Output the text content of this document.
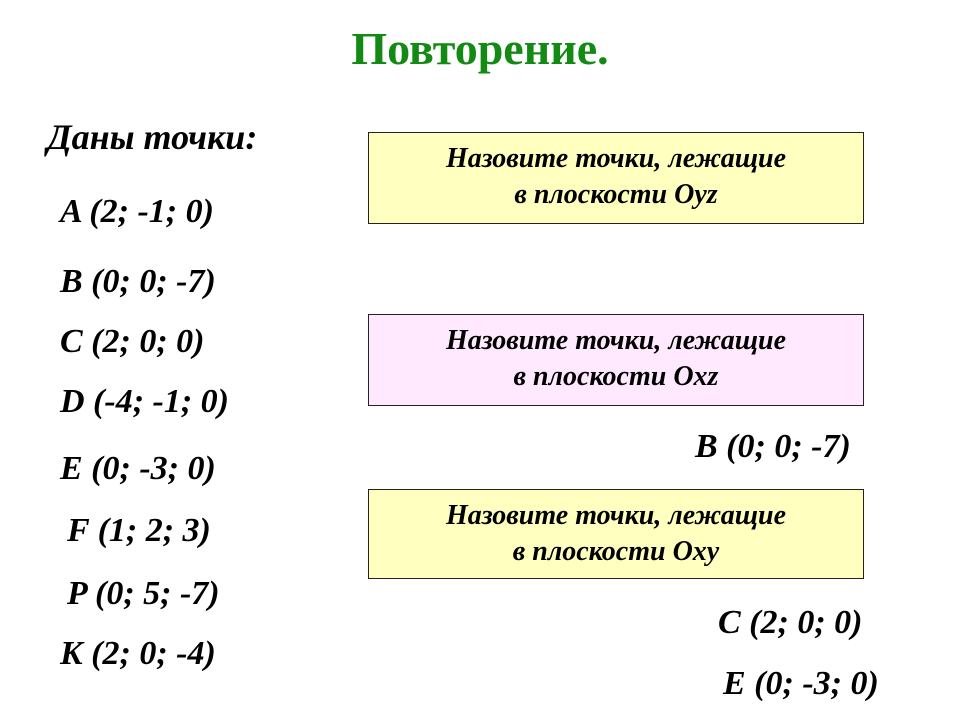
Повторение.
Даны точки:
A (2; -1; 0)
B (0; 0; -7)
C (2; 0; 0)
D (-4; -1; 0)
E (0; -3; 0)
F (1; 2; 3)
P (0; 5; -7)
K (2; 0; -4)
Назовите точки, лежащие
в плоскости Oyz
Назовите точки, лежащие
в плоскости Oxz
Назовите точки, лежащие
в плоскости Oxy
B (0; 0; -7)
C (2; 0; 0)
E (0; -3; 0)
